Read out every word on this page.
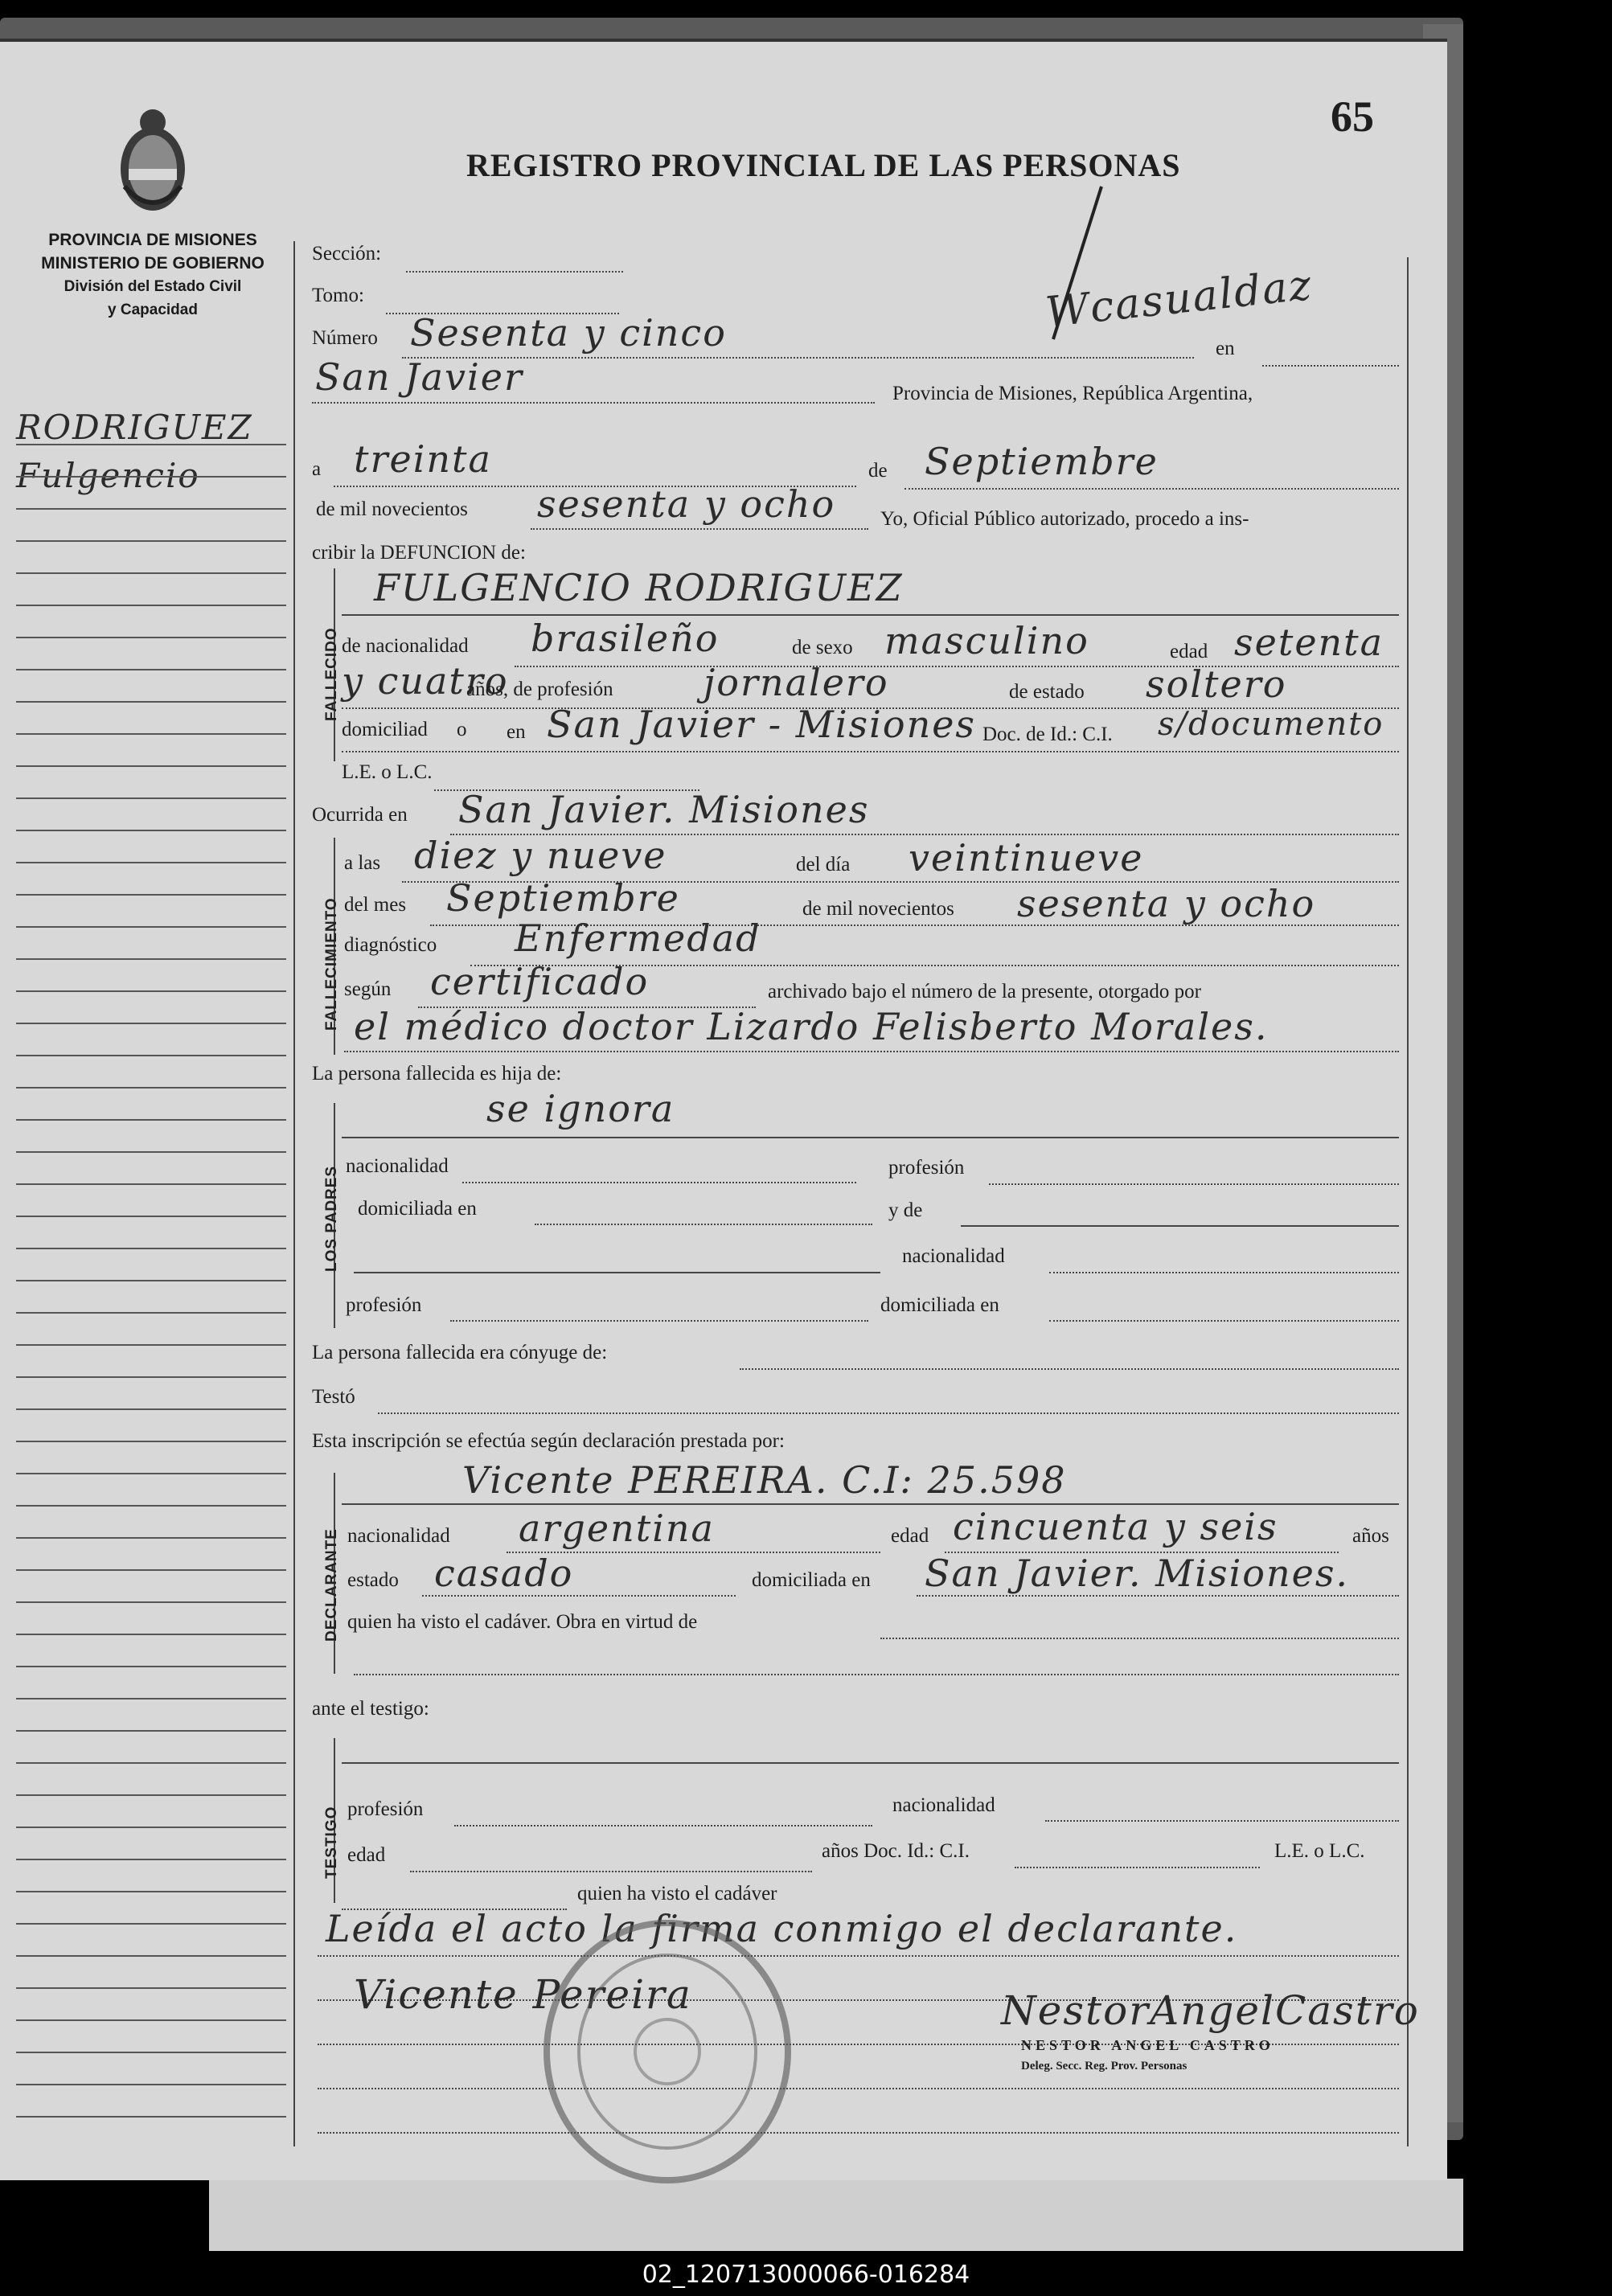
REGISTRO PROVINCIAL DE LAS PERSONAS
65
PROVINCIA DE MISIONES
MINISTERIO DE GOBIERNO
División del Estado Civil
y Capacidad
RODRIGUEZ
Fulgencio
Sección:
Tomo:	Wcasualdaz
Número Sesenta y cinco	en
San Javier	Provincia de Misiones, República Argentina,
a treinta	de Septiembre
de mil novecientos sesenta y ocho Yo, Oficial Público autorizado, procedo a ins-
cribir la DEFUNCION de:
FALLECIDO
FULGENCIO RODRIGUEZ
de nacionalidad brasileño	de sexo masculino	edad setenta
y cuatro
años, de profesión jornalero	de estado soltero
domiciliad o en San Javier - Misiones Doc. de Id.: C.I. s/documento
L.E. o L.C.
Ocurrida en San Javier. Misiones
FALLECIMIENTO
a las diez y nueve	del día veintinueve
del mes Septiembre	de mil novecientos sesenta y ocho
diagnóstico Enfermedad
según certificado	archivado bajo el número de la presente, otorgado por
el médico doctor Lizardo Felisberto Morales.
La persona fallecida es hija de:
LOS PADRES
se ignora
nacionalidad	profesión
domiciliada en	y de
nacionalidad
profesión	domiciliada en
La persona fallecida era cónyuge de:
Testó
Esta inscripción se efectúa según declaración prestada por:
DECLARANTE
Vicente PEREIRA. C.I: 25.598
nacionalidad argentina	edad cincuenta y seis	años
estado casado	domiciliada en San Javier. Misiones.
quien ha visto el cadáver. Obra en virtud de
ante el testigo:
TESTIGO profesión	nacionalidad
edad	años Doc. Id.: C.I.	L.E. o L.C.
quien ha visto el cadáver
Leída el acto la firma conmigo el declarante.
Vicente Pereira	NestorAngelCastro
NESTOR ANGEL CASTRO
Deleg. Secc. Reg. Prov. Personas
02_120713000066-016284
